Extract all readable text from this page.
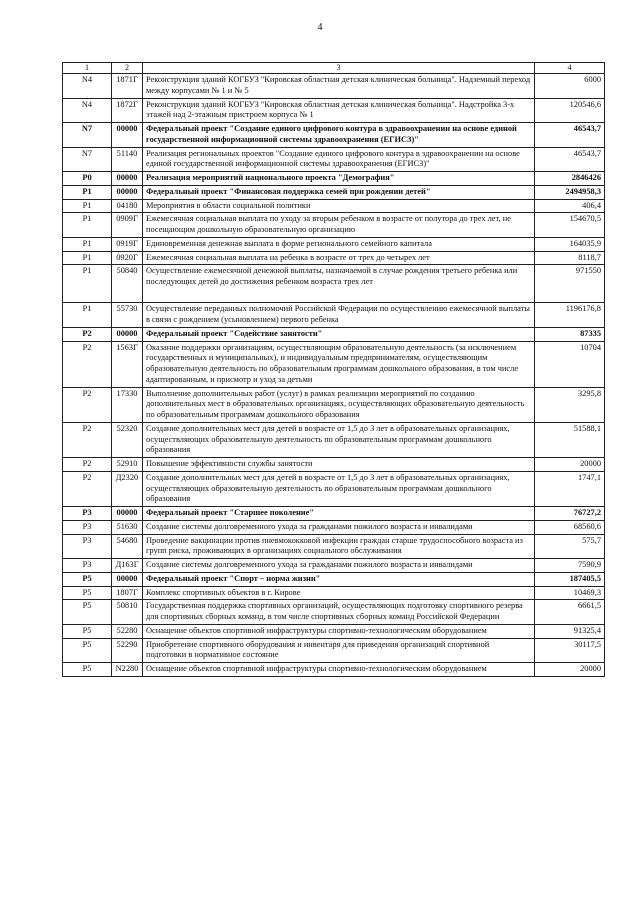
4
1	2	3	4
N4	1871Г	Реконструкция зданий КОГБУЗ "Кировская областная детская клиническая больница". Надземный переход между корпусами № 1 и № 5	6000
N4	1872Г	Реконструкция зданий КОГБУЗ "Кировская областная детская клиническая больница". Надстройка 3-х этажей над 2-этажным пристроем корпуса № 1	120546,6
N7	00000	Федеральный проект "Создание единого цифрового контура в здравоохранении на основе единой государственной информационной системы здравоохранения (ЕГИСЗ)"	46543,7
N7	51140	Реализация региональных проектов "Создание единого цифрового контура в здравоохранении на основе единой государственной информационной системы здравоохранения (ЕГИСЗ)"	46543,7
P0	00000	Реализация мероприятий национального проекта "Демография"	2846426
P1	00000	Федеральный проект "Финансовая поддержка семей при рождении детей"	2494958,3
P1	04180	Мероприятия в области социальной политики	406,4
P1	0909Г	Ежемесячная социальная выплата по уходу за вторым ребенком в возрасте от полутора до трех лет, не посещающим дошкольную образовательную организацию	154670,5
P1	0919Г	Единовременная денежная выплата в форме регионального семейного капитала	164035,9
P1	0920Г	Ежемесячная социальная выплата на ребенка в возрасте от трех до четырех лет	8118,7
P1	50840	Осуществление ежемесячной денежной выплаты, назначаемой в случае рождения третьего ребенка или последующих детей до достижения ребенком возраста трех лет	971550
P1	55730	Осуществление переданных полномочий Российской Федерации по осуществлению ежемесячной выплаты в связи с рождением (усыновлением) первого ребенка	1196176,8
P2	00000	Федеральный проект "Содействие занятости"	87335
P2	1563Г	Оказание поддержки организациям, осуществляющим образовательную деятельность (за исключением государственных и муниципальных), и индивидуальным предпринимателям, осуществляющим образовательную деятельность по образовательным программам дошкольного образования, в том числе адаптированным, и присмотр и уход за детьми	10704
P2	17330	Выполнение дополнительных работ (услуг) в рамках реализации мероприятий по созданию дополнительных мест в образовательных организациях, осуществляющих образовательную деятельность по образовательным программам дошкольного образования	3295,8
P2	52320	Создание дополнительных мест для детей в возрасте от 1,5 до 3 лет в образовательных организациях, осуществляющих образовательную деятельность по образовательным программам дошкольного образования	51588,1
P2	52910	Повышение эффективности службы занятости	20000
P2	Д2320	Создание дополнительных мест для детей в возрасте от 1,5 до 3 лет в образовательных организациях, осуществляющих образовательную деятельность по образовательным программам дошкольного образования	1747,1
P3	00000	Федеральный проект "Старшее поколение"	76727,2
P3	51630	Создание системы долговременного ухода за гражданами пожилого возраста и инвалидами	68560,6
P3	54680	Проведение вакцинации против пневмококковой инфекции граждан старше трудоспособного возраста из групп риска, проживающих в организациях социального обслуживания	575,7
P3	Д163Г	Создание системы долговременного ухода за гражданами пожилого возраста и инвалидами	7590,9
P5	00000	Федеральный проект "Спорт – норма жизни"	187405,5
P5	1807Г	Комплекс спортивных объектов в г. Кирове	10469,3
P5	50810	Государственная поддержка спортивных организаций, осуществляющих подготовку спортивного резерва для спортивных сборных команд, в том числе спортивных сборных команд Российской Федерации	6661,5
P5	52280	Оснащение объектов спортивной инфраструктуры спортивно-технологическим оборудованием	91325,4
P5	52290	Приобретение спортивного оборудования и инвентаря для приведения организаций спортивной подготовки в нормативное состояние	30117,5
P5	N2280	Оснащение объектов спортивной инфраструктуры спортивно-технологическим оборудованием	20000
